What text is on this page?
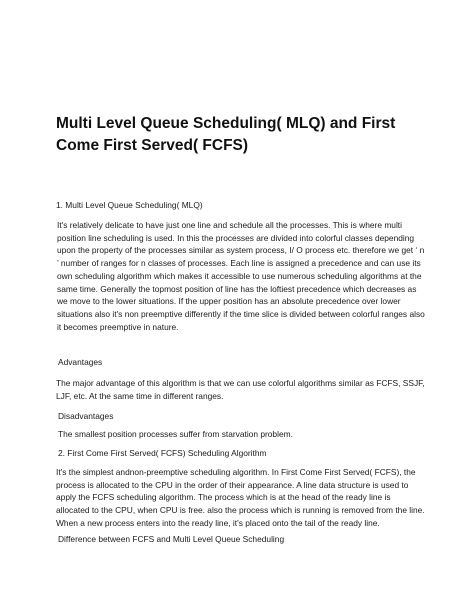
Multi Level Queue Scheduling( MLQ) and First Come First Served( FCFS)

1. Multi Level Queue Scheduling( MLQ)

It's relatively delicate to have just one line and schedule all the processes. This is where multi position line scheduling is used. In this the processes are divided into colorful classes depending upon the property of the processes similar as system process, I/ O process etc. therefore we get ‘ n ’ number of ranges for n classes of processes. Each line is assigned a precedence and can use its own scheduling algorithm which makes it accessible to use numerous scheduling algorithms at the same time. Generally the topmost position of line has the loftiest precedence which decreases as we move to the lower situations. If the upper position has an absolute precedence over lower situations also it's non preemptive differently if the time slice is divided between colorful ranges also it becomes preemptive in nature.

Advantages

The major advantage of this algorithm is that we can use colorful algorithms similar as FCFS, SSJF, LJF, etc. At the same time in different ranges.

Disadvantages

The smallest position processes suffer from starvation problem.

2. First Come First Served( FCFS) Scheduling Algorithm

It's the simplest andnon-preemptive scheduling algorithm. In First Come First Served( FCFS), the process is allocated to the CPU in the order of their appearance. A line data structure is used to apply the FCFS scheduling algorithm. The process which is at the head of the ready line is allocated to the CPU, when CPU is free. also the process which is running is removed from the line. When a new process enters into the ready line, it's placed onto the tail of the ready line.

Difference between FCFS and Multi Level Queue Scheduling
